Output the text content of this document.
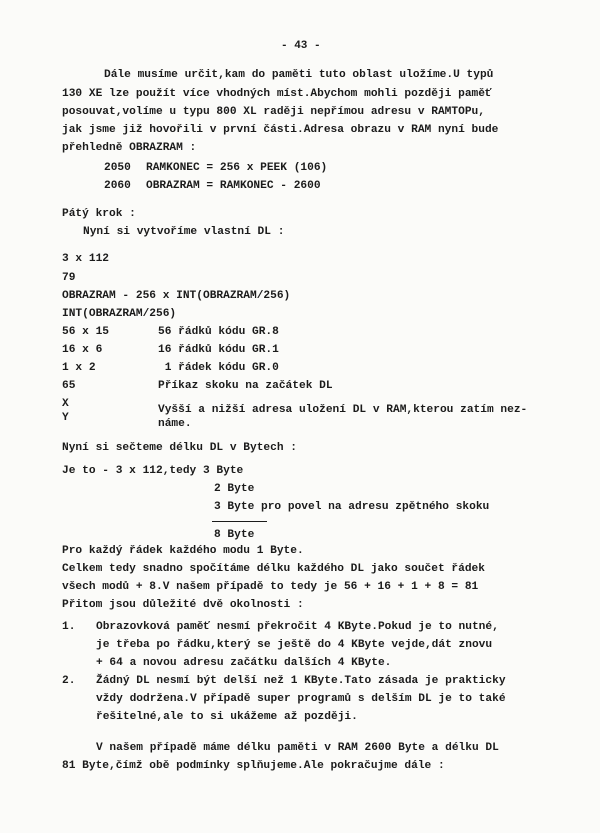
- 43 -
Dále musíme určit,kam do paměti tuto oblast uložíme.U typů
130 XE lze použít více vhodných míst.Abychom mohli později paměť
posouvat,volíme u typu 800 XL raději nepřímou adresu v RAMTOPu,
jak jsme již hovořili v první části.Adresa obrazu v RAM nyní bude
přehledně OBRAZRAM :
2050 RAMKONEC = 256 x PEEK (106)
2060 OBRAZRAM = RAMKONEC - 2600
Pátý krok :
Nyní si vytvoříme vlastní DL :
3 x 112
79
OBRAZRAM - 256 x INT(OBRAZRAM/256)
INT(OBRAZRAM/256)
56 x 15	56 řádků kódu GR.8
16 x 6	16 řádků kódu GR.1
1 x 2	1 řádek kódu GR.0
65	Příkaz skoku na začátek DL
X	Vyšší a nižší adresa uložení DL v RAM,kterou zatím nez-
Y	náme.
Nyní si sečteme délku DL v Bytech :
Je to - 3 x 112,tedy 3 Byte
2 Byte
3 Byte pro povel na adresu zpětného skoku
8 Byte
Pro každý řádek každého modu 1 Byte.
Celkem tedy snadno spočítáme délku každého DL jako součet řádek
všech modů + 8.V našem případě to tedy je 56 + 16 + 1 + 8 = 81
Přitom jsou důležité dvě okolnosti :
1. Obrazovková paměť nesmí překročit 4 KByte.Pokud je to nutné,
je třeba po řádku,který se ještě do 4 KByte vejde,dát znovu
+ 64 a novou adresu začátku dalších 4 KByte.
2. Žádný DL nesmí být delší než 1 KByte.Tato zásada je prakticky
vždy dodržena.V případě super programů s delším DL je to také
řešitelné,ale to si ukážeme až později.
V našem případě máme délku paměti v RAM 2600 Byte a délku DL
81 Byte,čímž obě podmínky splňujeme.Ale pokračujme dále :
